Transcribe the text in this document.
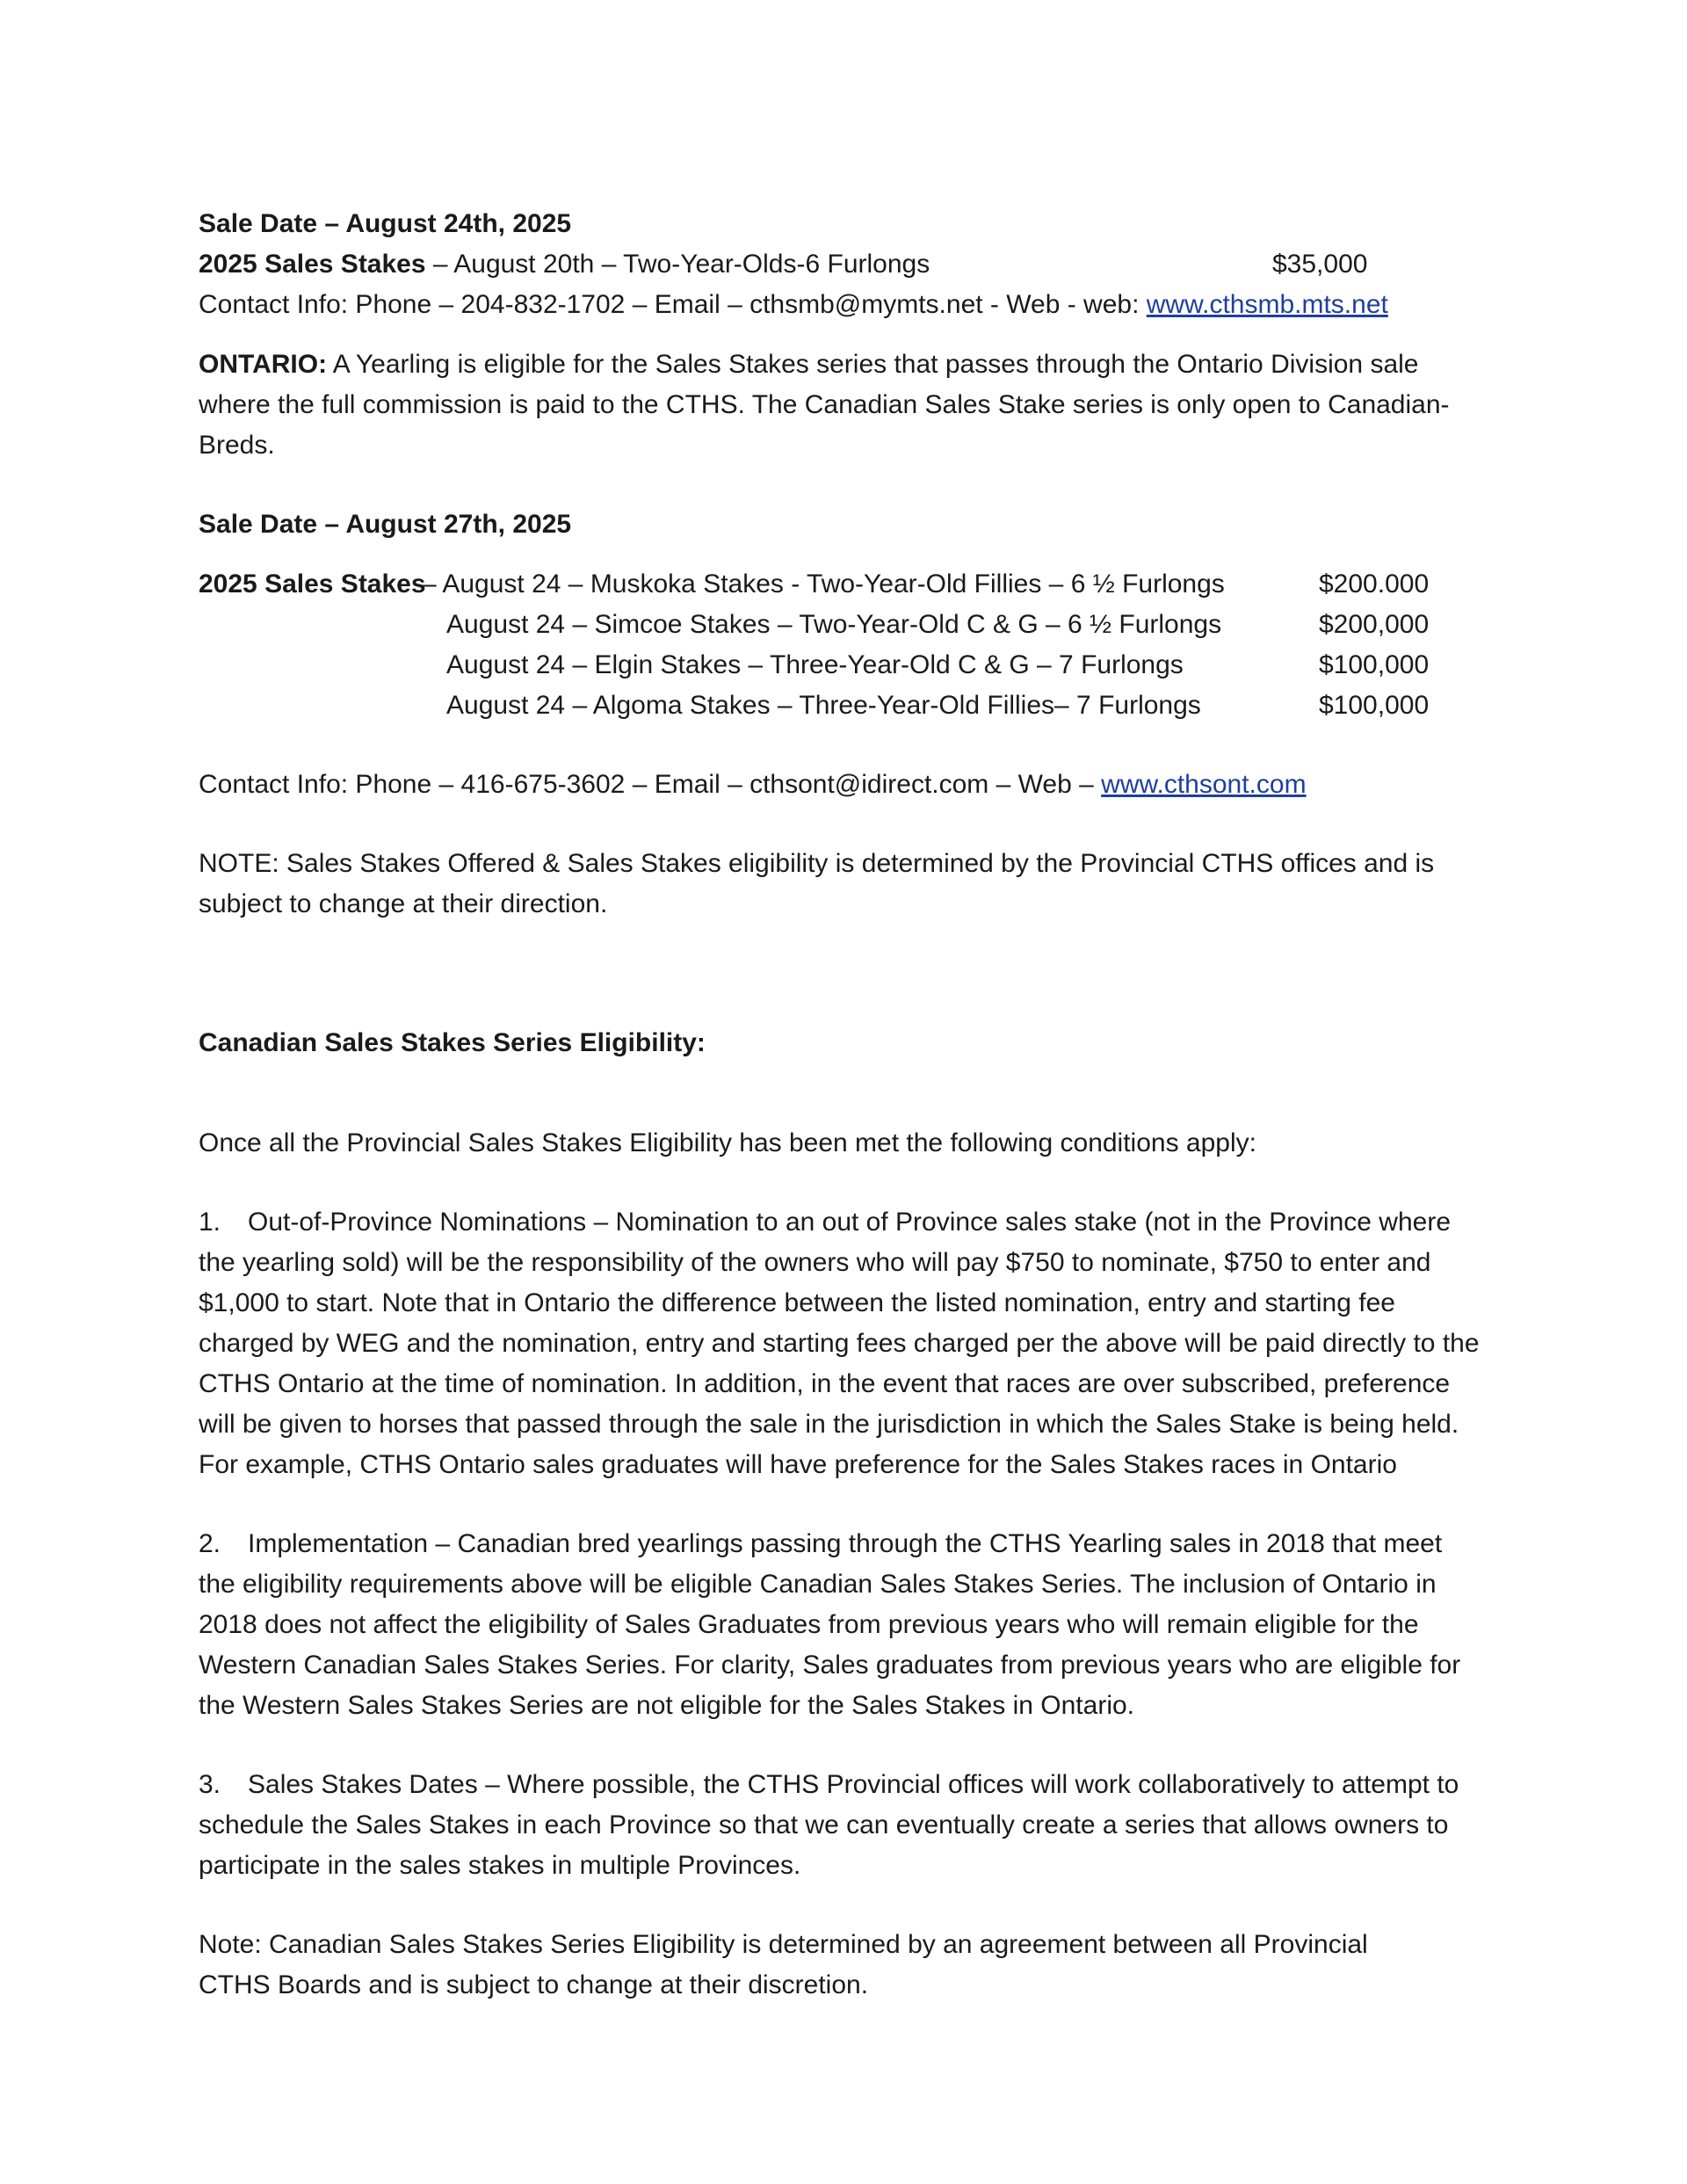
Sale Date – August 24th, 2025
2025 Sales Stakes – August 20th – Two-Year-Olds-6 Furlongs	$35,000
Contact Info: Phone – 204-832-1702 – Email – cthsmb@mymts.net - Web - web: www.cthsmb.mts.net

ONTARIO: A Yearling is eligible for the Sales Stakes series that passes through the Ontario Division sale where the full commission is paid to the CTHS. The Canadian Sales Stake series is only open to Canadian-Breds.

Sale Date – August 27th, 2025
2025 Sales Stakes
– August 24 – Muskoka Stakes - Two-Year-Old Fillies – 6 ½ Furlongs	$200.000
August 24 – Simcoe Stakes – Two-Year-Old C & G – 6 ½ Furlongs	$200,000
August 24 – Elgin Stakes – Three-Year-Old C & G – 7 Furlongs	$100,000
August 24 – Algoma Stakes – Three-Year-Old Fillies– 7 Furlongs	$100,000
Contact Info: Phone – 416-675-3602 – Email – cthsont@idirect.com – Web – www.cthsont.com

NOTE: Sales Stakes Offered & Sales Stakes eligibility is determined by the Provincial CTHS offices and is subject to change at their direction.

Canadian Sales Stakes Series Eligibility:

Once all the Provincial Sales Stakes Eligibility has been met the following conditions apply:

1. Out-of-Province Nominations – Nomination to an out of Province sales stake (not in the Province where the yearling sold) will be the responsibility of the owners who will pay $750 to nominate, $750 to enter and $1,000 to start. Note that in Ontario the difference between the listed nomination, entry and starting fee charged by WEG and the nomination, entry and starting fees charged per the above will be paid directly to the CTHS Ontario at the time of nomination. In addition, in the event that races are over subscribed, preference will be given to horses that passed through the sale in the jurisdiction in which the Sales Stake is being held. For example, CTHS Ontario sales graduates will have preference for the Sales Stakes races in Ontario

2. Implementation – Canadian bred yearlings passing through the CTHS Yearling sales in 2018 that meet the eligibility requirements above will be eligible Canadian Sales Stakes Series. The inclusion of Ontario in 2018 does not affect the eligibility of Sales Graduates from previous years who will remain eligible for the Western Canadian Sales Stakes Series. For clarity, Sales graduates from previous years who are eligible for the Western Sales Stakes Series are not eligible for the Sales Stakes in Ontario.

3. Sales Stakes Dates – Where possible, the CTHS Provincial offices will work collaboratively to attempt to schedule the Sales Stakes in each Province so that we can eventually create a series that allows owners to participate in the sales stakes in multiple Provinces.

Note: Canadian Sales Stakes Series Eligibility is determined by an agreement between all Provincial CTHS Boards and is subject to change at their discretion.
